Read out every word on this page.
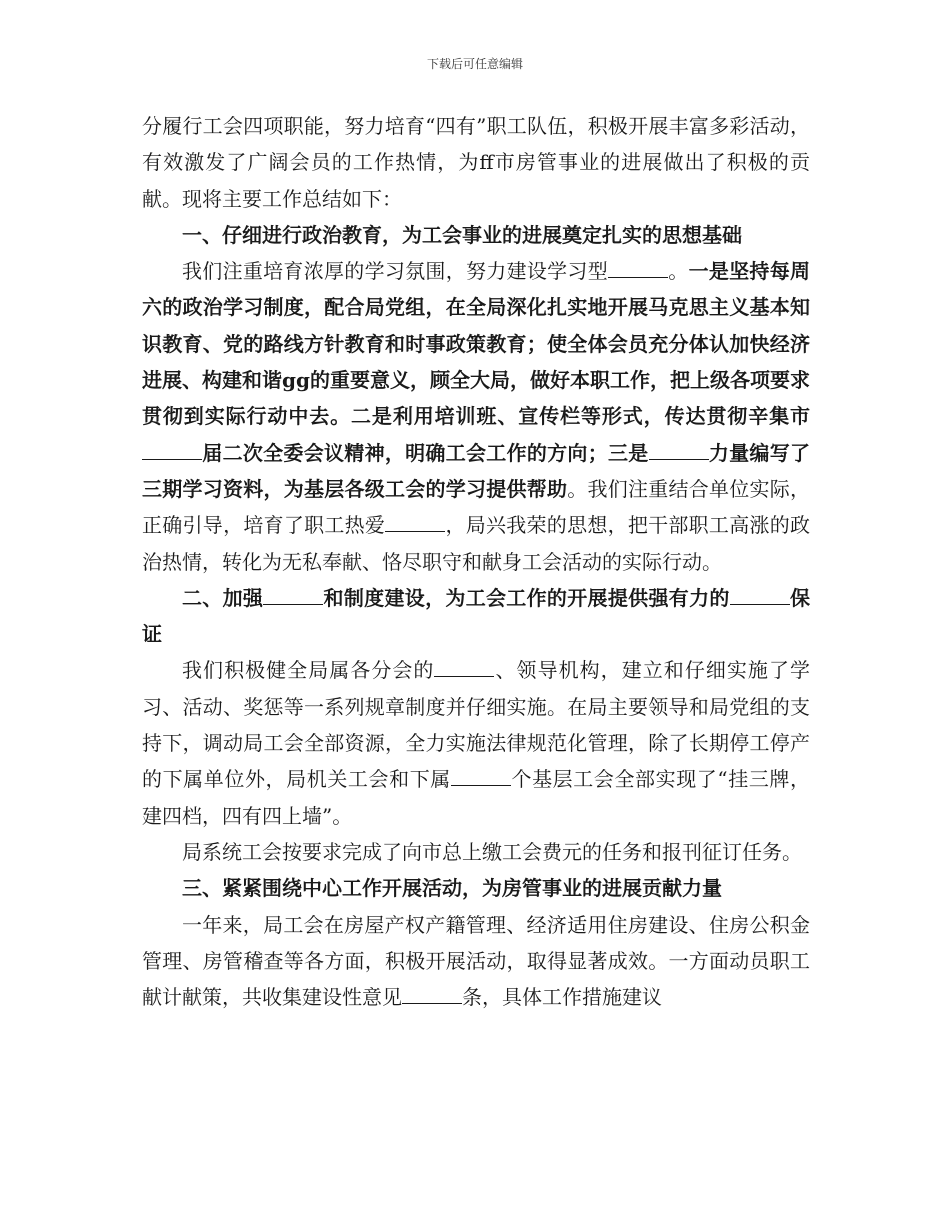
下载后可任意编辑

分履行工会四项职能，努力培育“四有”职工队伍，积极开展丰富多彩活动，有效激发了广阔会员的工作热情，为ff市房管事业的进展做出了积极的贡献。现将主要工作总结如下：

一、仔细进行政治教育，为工会事业的进展奠定扎实的思想基础

我们注重培育浓厚的学习氛围，努力建设学习型	。一是坚持每周六的政治学习制度，配合局党组，在全局深化扎实地开展马克思主义基本知识教育、党的路线方针教育和时事政策教育；使全体会员充分体认加快经济进展、构建和谐gg的重要意义，顾全大局，做好本职工作，把上级各项要求贯彻到实际行动中去。二是利用培训班、宣传栏等形式，传达贯彻辛集市届二次全委会议精神，明确工会工作的方向；三是	力量编写了三期学习资料，为基层各级工会的学习提供帮助。我们注重结合单位实际，正确引导，培育了职工热爱	，局兴我荣的思想，把干部职工高涨的政治热情，转化为无私奉献、恪尽职守和献身工会活动的实际行动。

二、加强	和制度建设，为工会工作的开展提供强有力的	保证

我们积极健全局属各分会的	、领导机构，建立和仔细实施了学习、活动、奖惩等一系列规章制度并仔细实施。在局主要领导和局党组的支持下，调动局工会全部资源，全力实施法律规范化管理，除了长期停工停产的下属单位外，局机关工会和下属	个基层工会全部实现了“挂三牌，建四档，四有四上墙”。

局系统工会按要求完成了向市总上缴工会费元的任务和报刊征订任务。

三、紧紧围绕中心工作开展活动，为房管事业的进展贡献力量

一年来，局工会在房屋产权产籍管理、经济适用住房建设、住房公积金管理、房管稽查等各方面，积极开展活动，取得显著成效。一方面动员职工献计献策，共收集建设性意见	条，具体工作措施建议
